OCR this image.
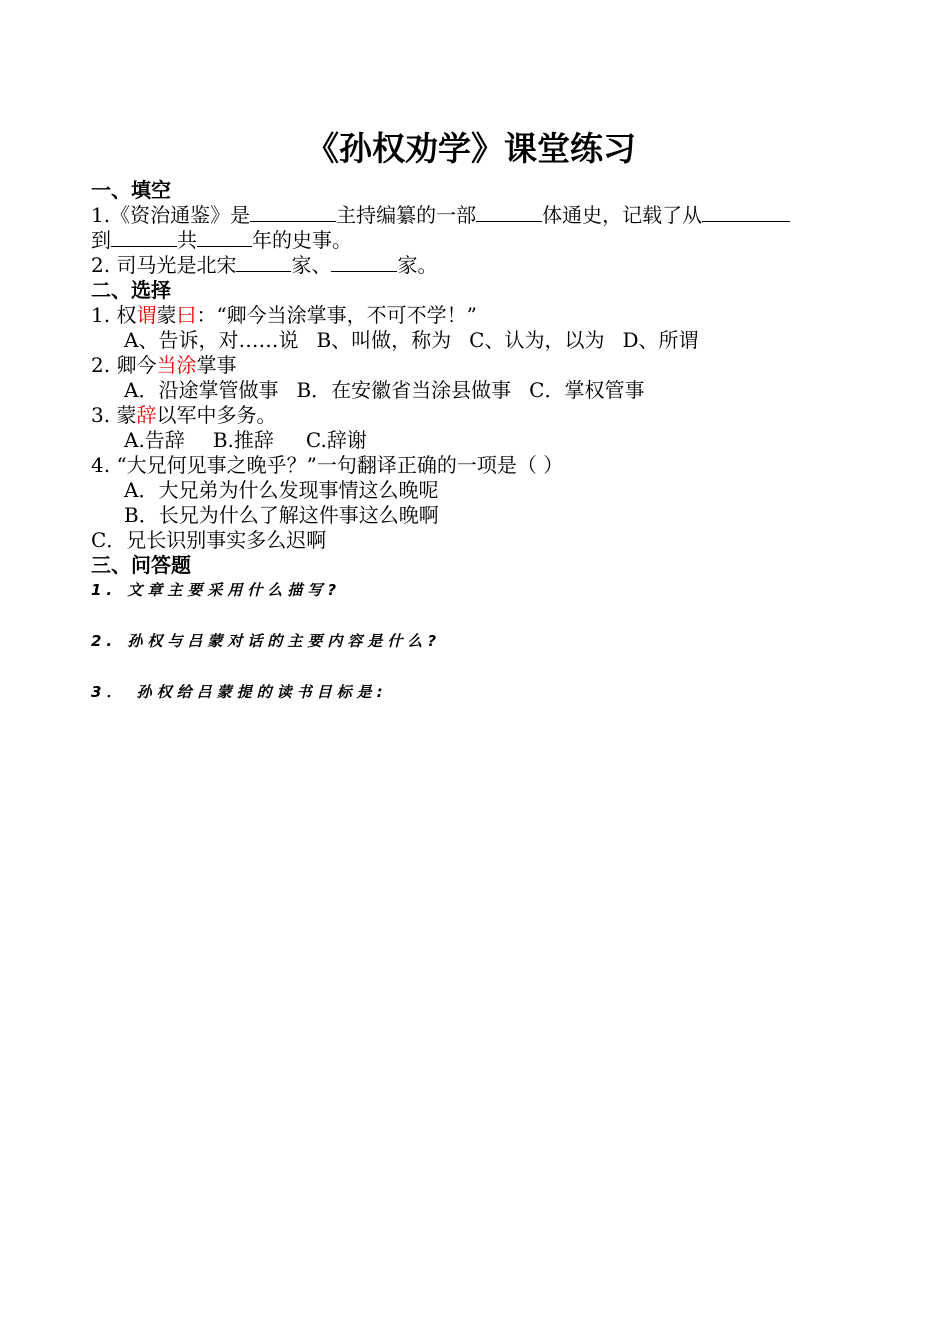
《孙权劝学》课堂练习
一、填空
1.《资治通鉴》是	主持编纂的一部	体通史，记载了从
到	共	年的史事。
2. 司马光是北宋	家、	家。
二、选择
1. 权谓蒙曰：“卿今当涂掌事，不可不学！”
A、告诉，对……说 B、叫做，称为 C、认为，以为 D、所谓
2. 卿今当涂掌事
A．沿途掌管做事 B．在安徽省当涂县做事 C．掌权管事
3. 蒙辞以军中多务。
A.告辞 B.推辞 C.辞谢
4. “大兄何见事之晚乎？”一句翻译正确的一项是（ ）
A．大兄弟为什么发现事情这么晚呢
B．长兄为什么了解这件事这么晚啊
C．兄长识别事实多么迟啊
三、问答题
1. 文章主要采用什么描写?
2. 孙权与吕蒙对话的主要内容是什么?
3． 孙权给吕蒙提的读书目标是:
